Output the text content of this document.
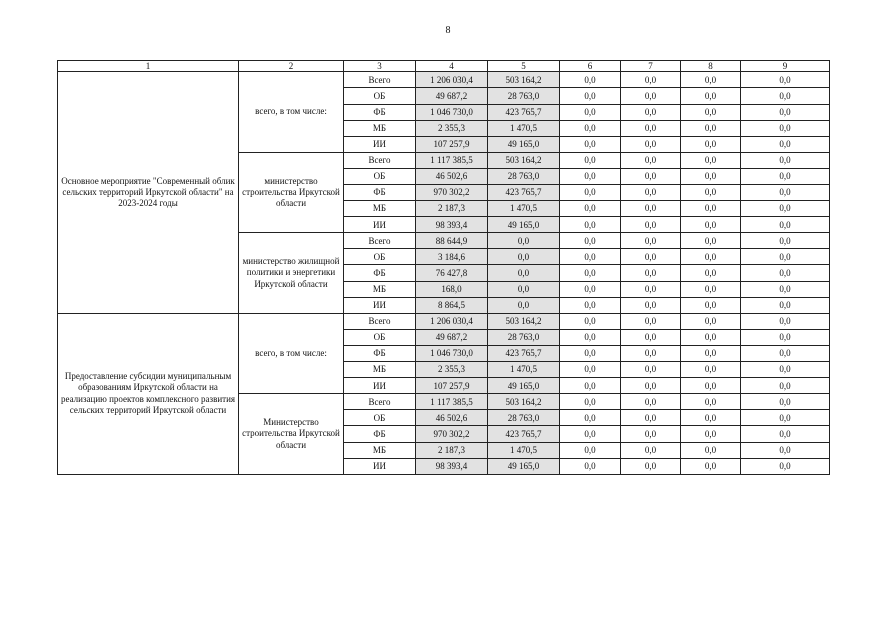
8
1	2	3	4	5	6	7	8	9
Основное мероприятие "Современный облик сельских территорий Иркутской области" на 2023-2024 годы	всего, в том числе:	Всего	1 206 030,4	503 164,2	0,0	0,0	0,0	0,0
		ОБ	49 687,2	28 763,0	0,0	0,0	0,0	0,0
		ФБ	1 046 730,0	423 765,7	0,0	0,0	0,0	0,0
		МБ	2 355,3	1 470,5	0,0	0,0	0,0	0,0
		ИИ	107 257,9	49 165,0	0,0	0,0	0,0	0,0
	министерство строительства Иркутской области	Всего	1 117 385,5	503 164,2	0,0	0,0	0,0	0,0
		ОБ	46 502,6	28 763,0	0,0	0,0	0,0	0,0
		ФБ	970 302,2	423 765,7	0,0	0,0	0,0	0,0
		МБ	2 187,3	1 470,5	0,0	0,0	0,0	0,0
		ИИ	98 393,4	49 165,0	0,0	0,0	0,0	0,0
	министерство жилищной политики и энергетики Иркутской области	Всего	88 644,9	0,0	0,0	0,0	0,0	0,0
		ОБ	3 184,6	0,0	0,0	0,0	0,0	0,0
		ФБ	76 427,8	0,0	0,0	0,0	0,0	0,0
		МБ	168,0	0,0	0,0	0,0	0,0	0,0
		ИИ	8 864,5	0,0	0,0	0,0	0,0	0,0
Предоставление субсидии муниципальным образованиям Иркутской области на реализацию проектов комплексного развития сельских территорий Иркутской области	всего, в том числе:	Всего	1 206 030,4	503 164,2	0,0	0,0	0,0	0,0
		ОБ	49 687,2	28 763,0	0,0	0,0	0,0	0,0
		ФБ	1 046 730,0	423 765,7	0,0	0,0	0,0	0,0
		МБ	2 355,3	1 470,5	0,0	0,0	0,0	0,0
		ИИ	107 257,9	49 165,0	0,0	0,0	0,0	0,0
	Министерство строительства Иркутской области	Всего	1 117 385,5	503 164,2	0,0	0,0	0,0	0,0
		ОБ	46 502,6	28 763,0	0,0	0,0	0,0	0,0
		ФБ	970 302,2	423 765,7	0,0	0,0	0,0	0,0
		МБ	2 187,3	1 470,5	0,0	0,0	0,0	0,0
		ИИ	98 393,4	49 165,0	0,0	0,0	0,0	0,0
